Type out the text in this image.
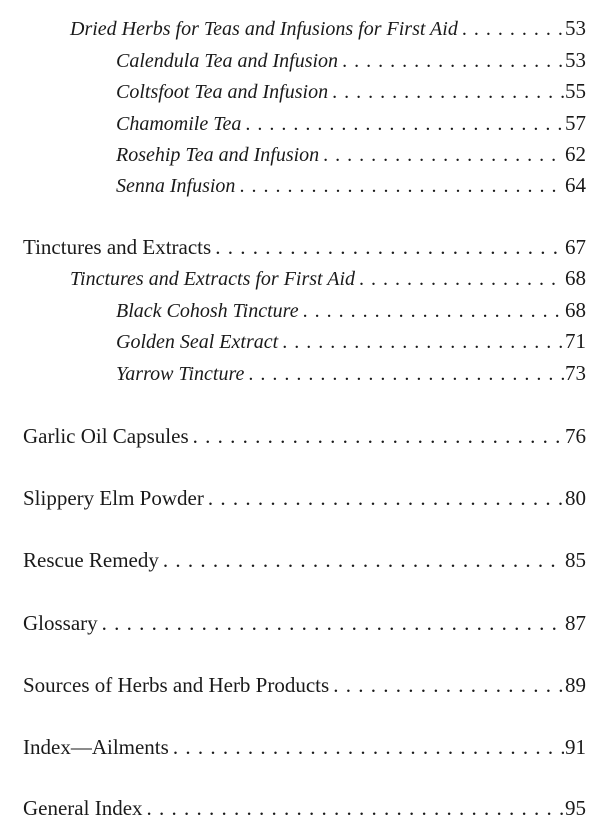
Dried Herbs for Teas and Infusions for First Aid . . .	53
Calendula Tea and Infusion . . .	53
Coltsfoot Tea and Infusion . . .	55
Chamomile Tea . . .	57
Rosehip Tea and Infusion . . .	62
Senna Infusion . . .	64
Tinctures and Extracts . . .	67
Tinctures and Extracts for First Aid . . .	68
Black Cohosh Tincture . . .	68
Golden Seal Extract . . .	71
Yarrow Tincture . . .	73
Garlic Oil Capsules . . .	76
Slippery Elm Powder . . .	80
Rescue Remedy . . .	85
Glossary . . .	87
Sources of Herbs and Herb Products . . .	89
Index—Ailments . . .	91
General Index . . .	95
